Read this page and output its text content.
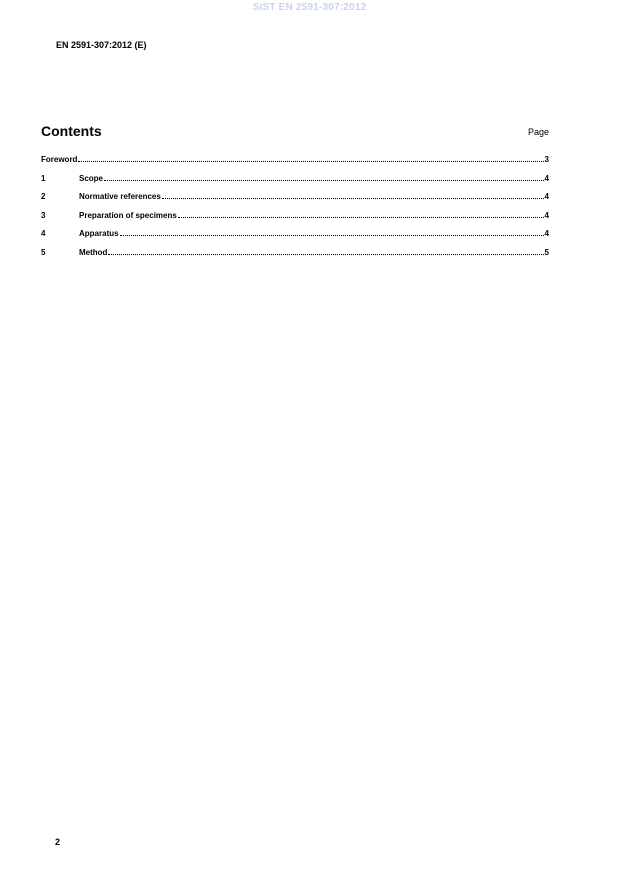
SIST EN 2591-307:2012
EN 2591-307:2012 (E)
Contents	Page
Foreword	3
1	Scope	4
2	Normative references	4
3	Preparation of specimens	4
4	Apparatus	4
5	Method	5
2
